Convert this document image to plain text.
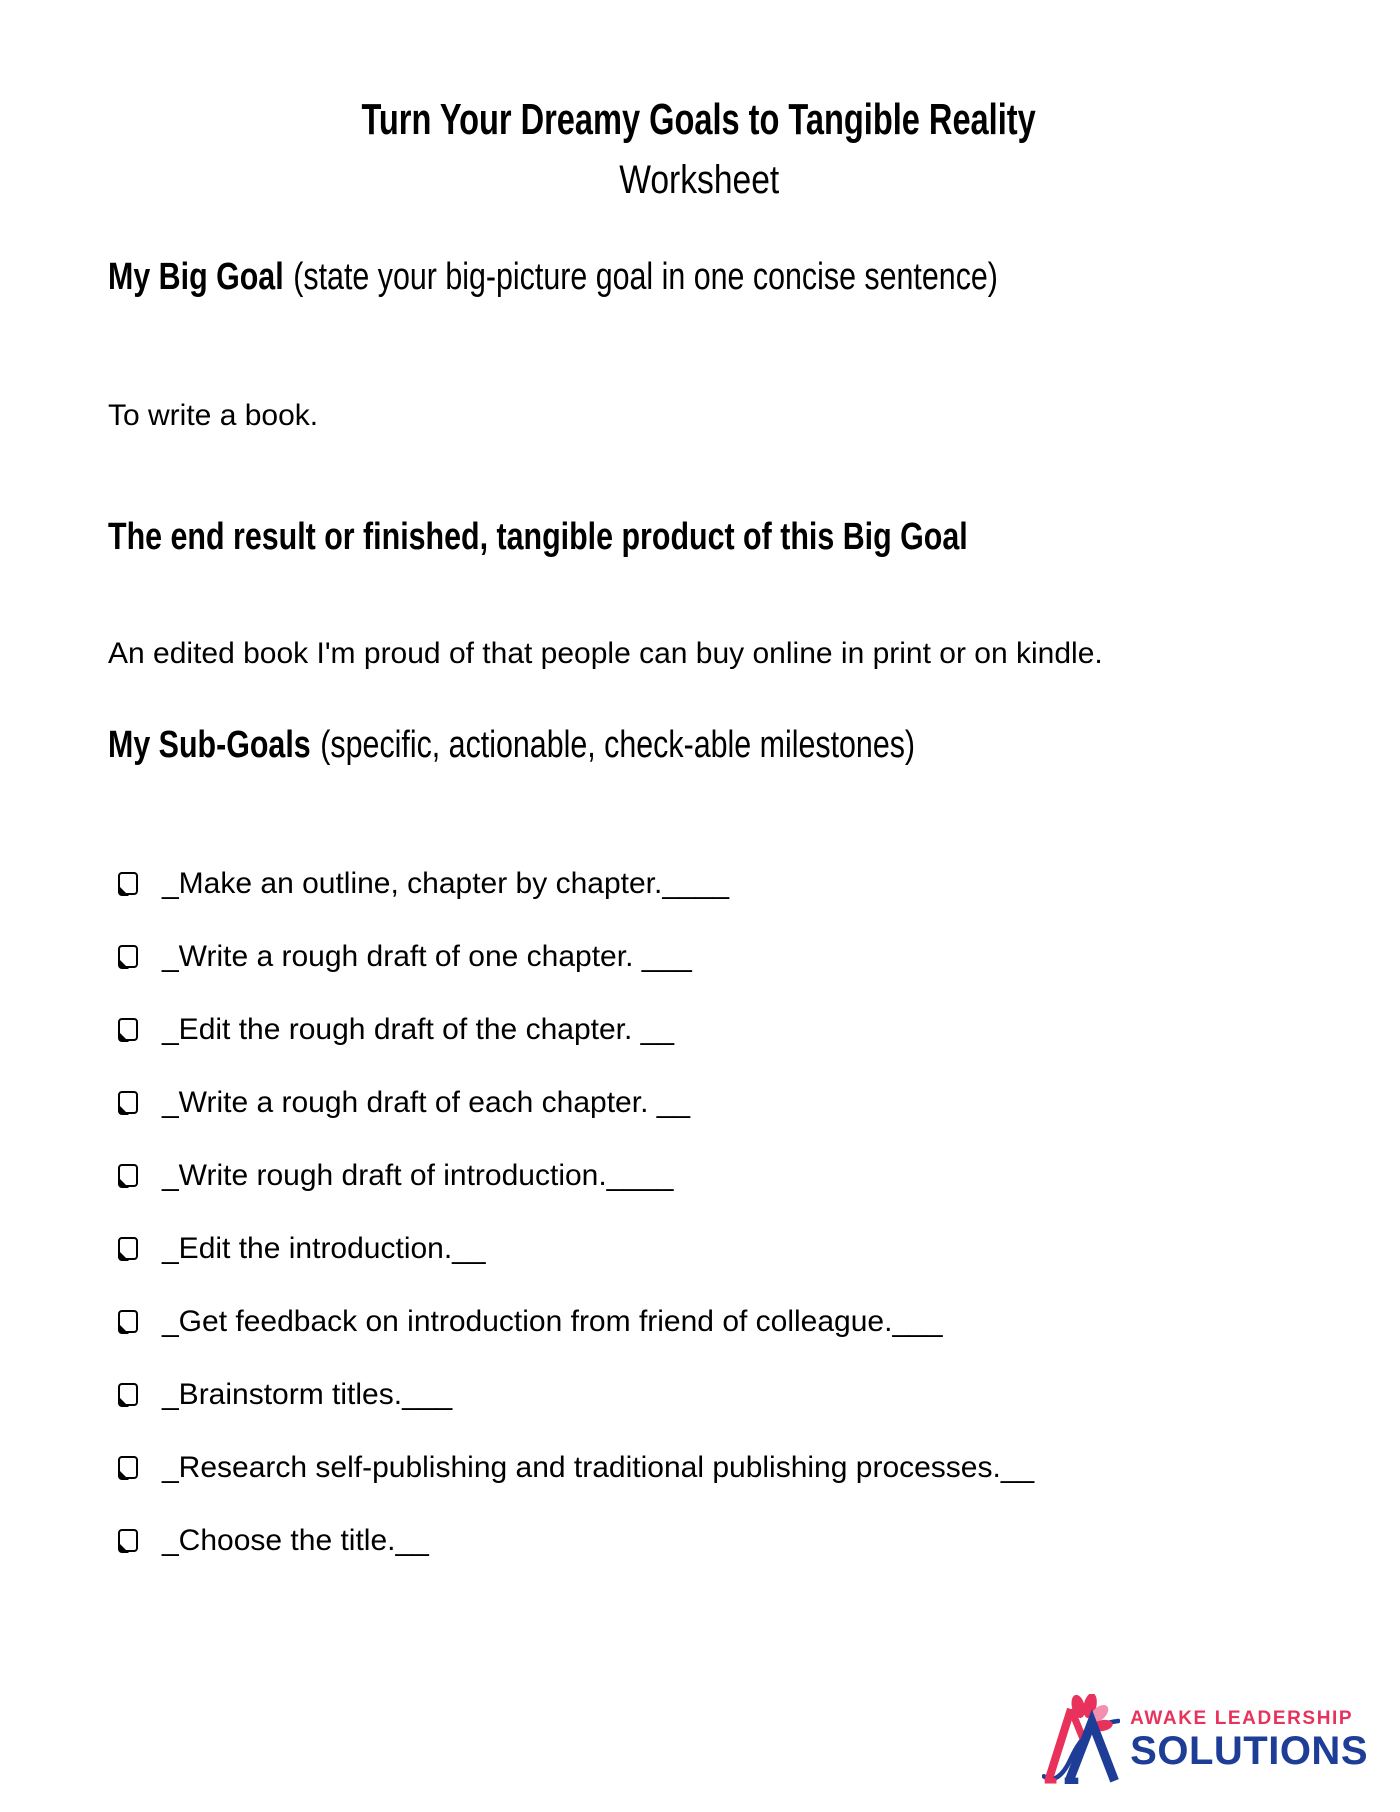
Turn Your Dreamy Goals to Tangible Reality
Worksheet
My Big Goal (state your big-picture goal in one concise sentence)

To write a book.

The end result or finished, tangible product of this Big Goal

An edited book I'm proud of that people can buy online in print or on kindle.

My Sub-Goals (specific, actionable, check-able milestones)
_Make an outline, chapter by chapter.____
_Write a rough draft of one chapter. ___
_Edit the rough draft of the chapter. __
_Write a rough draft of each chapter. __
_Write rough draft of introduction.____
_Edit the introduction.__
_Get feedback on introduction from friend of colleague.___
_Brainstorm titles.___
_Research self-publishing and traditional publishing processes.__
_Choose the title.__
AWAKE LEADERSHIP
SOLUTIONS
